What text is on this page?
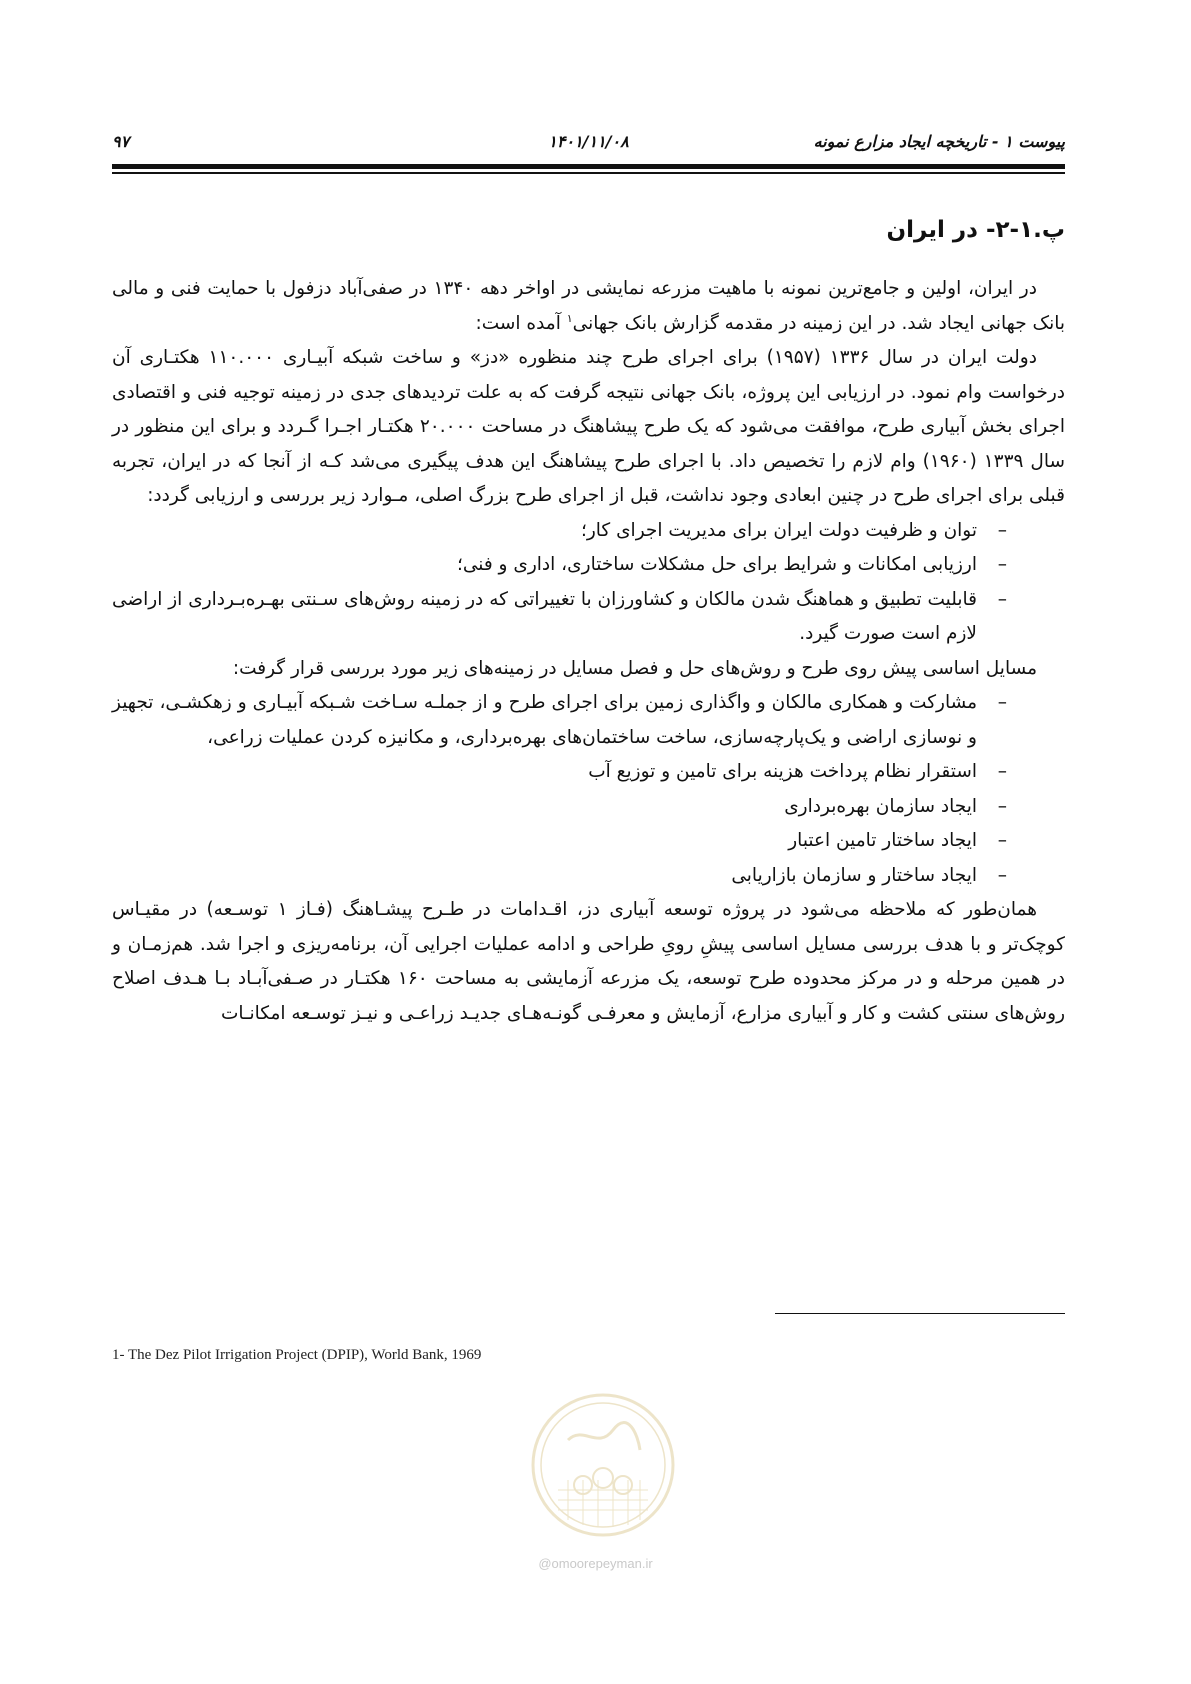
پیوست ۱ - تاریخچه ایجاد مزارع نمونه
۱۴۰۱/۱۱/۰۸
۹۷

پ.۱-۲- در ایران

در ایران، اولین و جامع‌ترین نمونه با ماهیت مزرعه نمایشی در اواخر دهه ۱۳۴۰ در صفی‌آباد دزفول با حمایت فنی و مالی بانک جهانی ایجاد شد. در این زمینه در مقدمه گزارش بانک جهانی$^۱$ آمده است:

دولت ایران در سال ۱۳۳۶ (۱۹۵۷) برای اجرای طرح چند منظوره «دز» و ساخت شبکه آبیـاری ۱۱۰.۰۰۰ هکتـاری آن درخواست وام نمود. در ارزیابی این پروژه، بانک جهانی نتیجه گرفت که به علت تردیدهای جدی در زمینه توجیه فنی و اقتصادی اجرای بخش آبیاری طرح، موافقت می‌شود که یک طرح پیشاهنگ در مساحت ۲۰.۰۰۰ هکتـار اجـرا گـردد و برای این منظور در سال ۱۳۳۹ (۱۹۶۰) وام لازم را تخصیص داد. با اجرای طرح پیشاهنگ این هدف پیگیری می‌شد کـه از آنجا که در ایران، تجربه قبلی برای اجرای طرح در چنین ابعادی وجود نداشت، قبل از اجرای طرح بزرگ اصلی، مـوارد زیر بررسی و ارزیابی گردد:

– توان و ظرفیت دولت ایران برای مدیریت اجرای کار؛
– ارزیابی امکانات و شرایط برای حل مشکلات ساختاری، اداری و فنی؛
– قابلیت تطبیق و هماهنگ شدن مالکان و کشاورزان با تغییراتی که در زمینه روش‌های سـنتی بهـره‌بـرداری از اراضی لازم است صورت گیرد.

مسایل اساسی پیش روی طرح و روش‌های حل و فصل مسایل در زمینه‌های زیر مورد بررسی قرار گرفت:

– مشارکت و همکاری مالکان و واگذاری زمین برای اجرای طرح و از جملـه سـاخت شـبکه آبیـاری و زهکشـی، تجهیز و نوسازی اراضی و یک‌پارچه‌سازی، ساخت ساختمان‌های بهره‌برداری، و مکانیزه کردن عملیات زراعی،
– استقرار نظام پرداخت هزینه برای تامین و توزیع آب
– ایجاد سازمان بهره‌برداری
– ایجاد ساختار تامین اعتبار
– ایجاد ساختار و سازمان بازاریابی

همان‌طور که ملاحظه می‌شود در پروژه توسعه آبیاری دز، اقـدامات در طـرح پیشـاهنگ (فـاز ۱ توسـعه) در مقیـاس کوچک‌تر و با هدف بررسی مسایل اساسی پیشِ رویِ طراحی و ادامه عملیات اجرایی آن، برنامه‌ریزی و اجرا شد. هم‌زمـان و در همین مرحله و در مرکز محدوده طرح توسعه، یک مزرعه آزمایشی به مساحت ۱۶۰ هکتـار در صـفی‌آبـاد بـا هـدف اصلاح روش‌های سنتی کشت و کار و آبیاری مزارع، آزمایش و معرفـی گونـه‌هـای جدیـد زراعـی و نیـز توسـعه امکانـات

1- The Dez Pilot Irrigation Project (DPIP), World Bank, 1969
@omoorepeyman.ir
